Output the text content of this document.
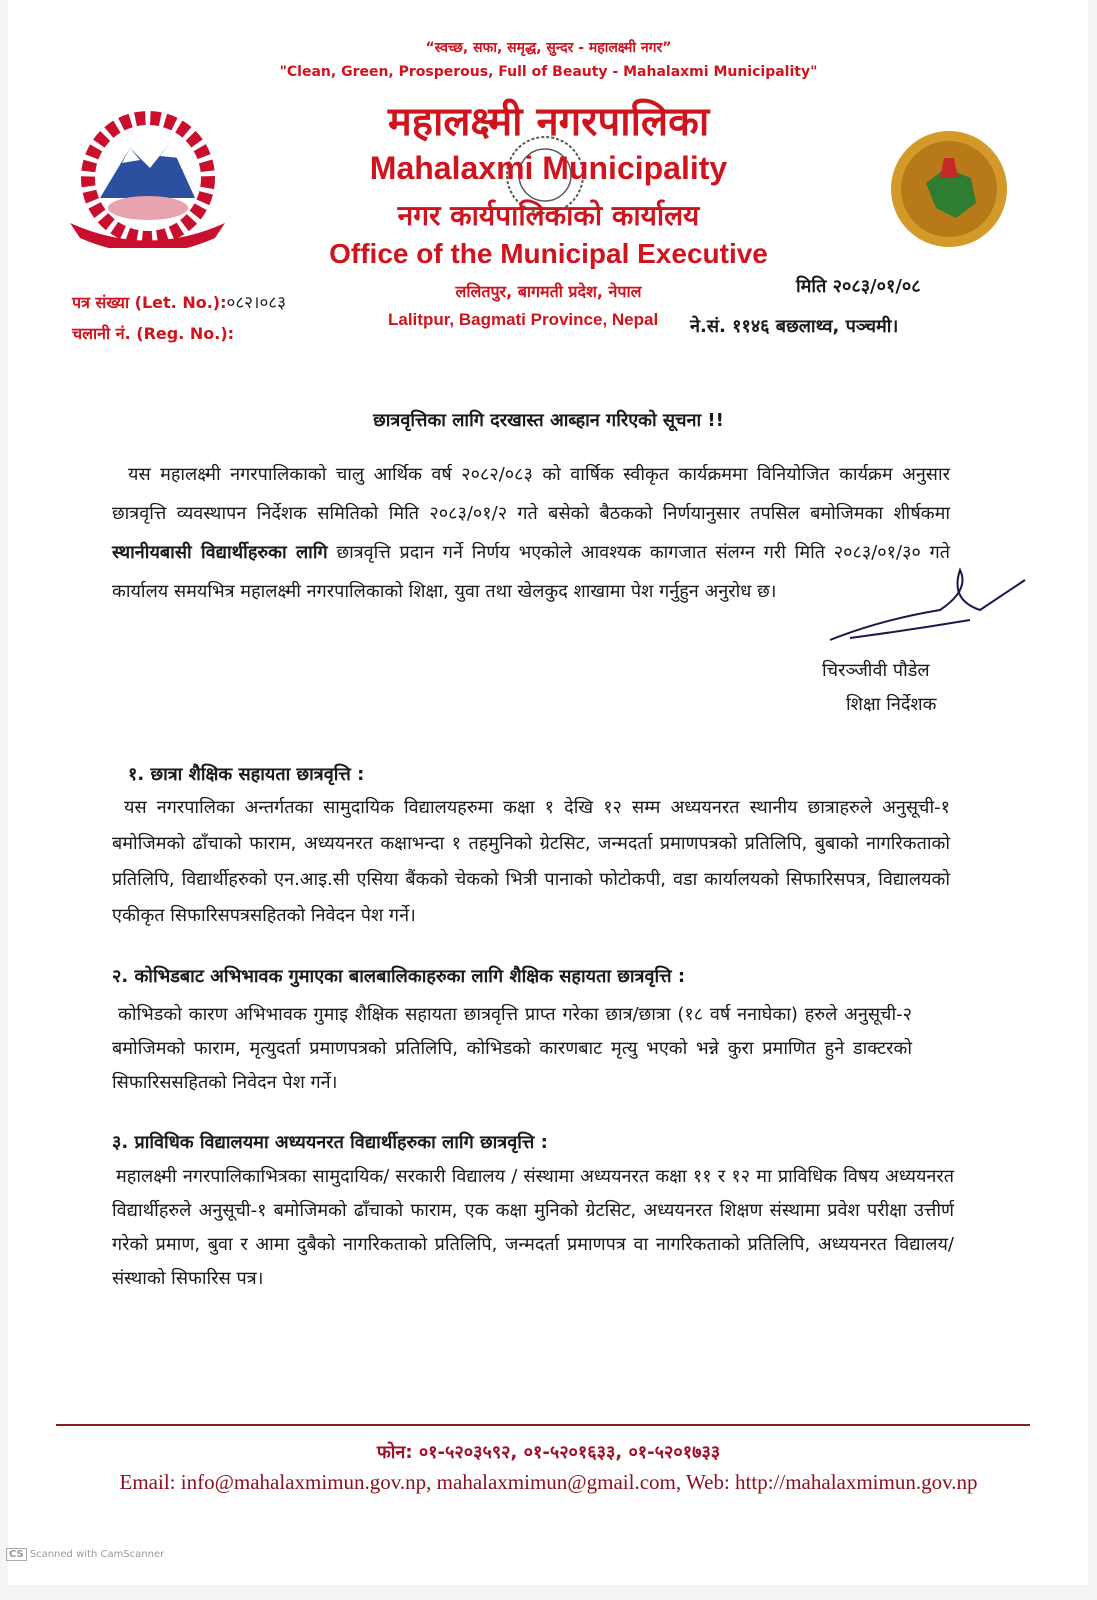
“स्वच्छ, सफा, समृद्ध, सुन्दर - महालक्ष्मी नगर”
"Clean, Green, Prosperous, Full of Beauty - Mahalaxmi Municipality"
महालक्ष्मी नगरपालिका
Mahalaxmi Municipality
नगर कार्यपालिकाको कार्यालय
Office of the Municipal Executive
ललितपुर, बागमती प्रदेश, नेपाल
Lalitpur, Bagmati Province, Nepal
पत्र संख्या (Let. No.):०८२।०८३
चलानी नं. (Reg. No.):
मिति २०८३/०१/०८
ने.सं. ११४६ बछलाथ्व, पञ्चमी।
छात्रवृत्तिका लागि दरखास्त आब्हान गरिएको सूचना !!
यस महालक्ष्मी नगरपालिकाको चालु आर्थिक वर्ष २०८२/०८३ को वार्षिक स्वीकृत कार्यक्रममा विनियोजित कार्यक्रम अनुसार छात्रवृत्ति व्यवस्थापन निर्देशक समितिको मिति २०८३/०१/२ गते बसेको बैठकको निर्णयानुसार तपसिल बमोजिमका शीर्षकमा स्थानीयबासी विद्यार्थीहरुका लागि छात्रवृत्ति प्रदान गर्ने निर्णय भएकोले आवश्यक कागजात संलग्न गरी मिति २०८३/०१/३० गते कार्यालय समयभित्र महालक्ष्मी नगरपालिकाको शिक्षा, युवा तथा खेलकुद शाखामा पेश गर्नुहुन अनुरोध छ।
चिरञ्जीवी पौडेल
शिक्षा निर्देशक
१. छात्रा शैक्षिक सहायता छात्रवृत्ति :
यस नगरपालिका अन्तर्गतका सामुदायिक विद्यालयहरुमा कक्षा १ देखि १२ सम्म अध्ययनरत स्थानीय छात्राहरुले अनुसूची-१ बमोजिमको ढाँचाको फाराम, अध्ययनरत कक्षाभन्दा १ तहमुनिको ग्रेटसिट, जन्मदर्ता प्रमाणपत्रको प्रतिलिपि, बुबाको नागरिकताको प्रतिलिपि, विद्यार्थीहरुको एन.आइ.सी एसिया बैंकको चेकको भित्री पानाको फोटोकपी, वडा कार्यालयको सिफारिसपत्र, विद्यालयको एकीकृत सिफारिसपत्रसहितको निवेदन पेश गर्ने।
२. कोभिडबाट अभिभावक गुमाएका बालबालिकाहरुका लागि शैक्षिक सहायता छात्रवृत्ति :
कोभिडको कारण अभिभावक गुमाइ शैक्षिक सहायता छात्रवृत्ति प्राप्त गरेका छात्र/छात्रा (१८ वर्ष ननाघेका) हरुले अनुसूची-२ बमोजिमको फाराम, मृत्युदर्ता प्रमाणपत्रको प्रतिलिपि, कोभिडको कारणबाट मृत्यु भएको भन्ने कुरा प्रमाणित हुने डाक्टरको सिफारिससहितको निवेदन पेश गर्ने।
३. प्राविधिक विद्यालयमा अध्ययनरत विद्यार्थीहरुका लागि छात्रवृत्ति :
महालक्ष्मी नगरपालिकाभित्रका सामुदायिक/ सरकारी विद्यालय / संस्थामा अध्ययनरत कक्षा ११ र १२ मा प्राविधिक विषय अध्ययनरत विद्यार्थीहरुले अनुसूची-१ बमोजिमको ढाँचाको फाराम, एक कक्षा मुनिको ग्रेटसिट, अध्ययनरत शिक्षण संस्थामा प्रवेश परीक्षा उत्तीर्ण गरेको प्रमाण, बुवा र आमा दुबैको नागरिकताको प्रतिलिपि, जन्मदर्ता प्रमाणपत्र वा नागरिकताको प्रतिलिपि, अध्ययनरत विद्यालय/संस्थाको सिफारिस पत्र।
फोन: ०१-५२०३५९२, ०१-५२०१६३३, ०१-५२०१७३३
Email: info@mahalaxmimun.gov.np, mahalaxmimun@gmail.com, Web: http://mahalaxmimun.gov.np
CS Scanned with CamScanner
